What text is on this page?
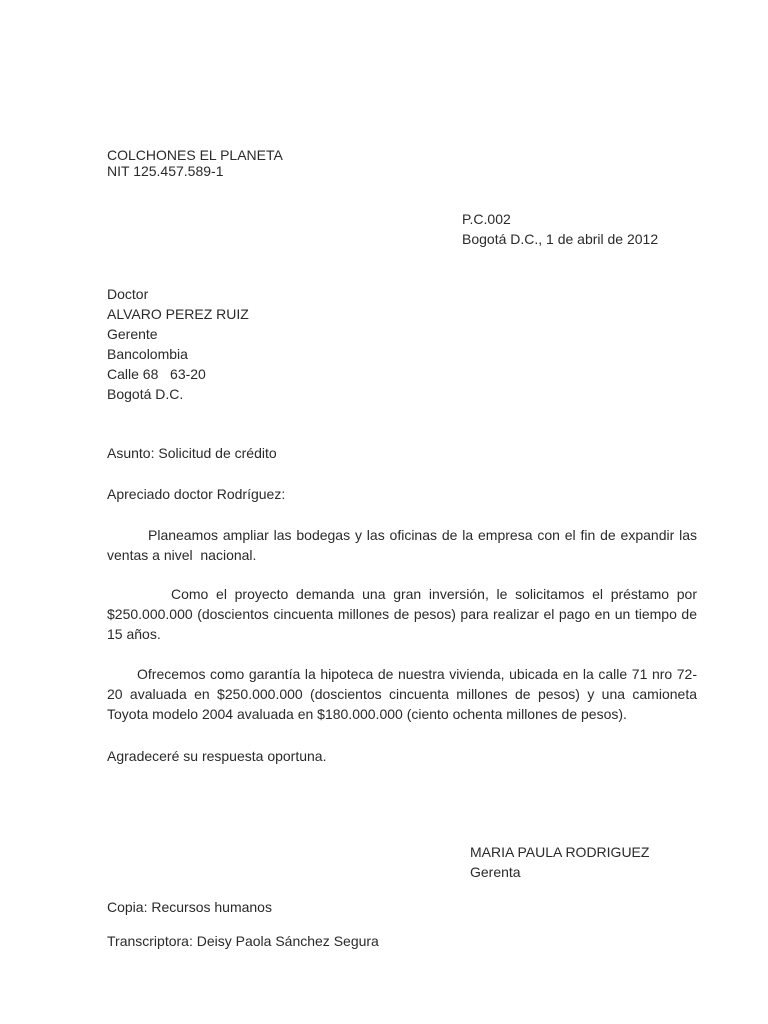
COLCHONES EL PLANETA
NIT 125.457.589-1
P.C.002
Bogotá D.C., 1 de abril de 2012
Doctor
ALVARO PEREZ RUIZ
Gerente
Bancolombia
Calle 68   63-20
Bogotá D.C.
Asunto: Solicitud de crédito
Apreciado doctor Rodríguez:

Planeamos ampliar las bodegas y las oficinas de la empresa con el fin de expandir las ventas a nivel  nacional.

Como el proyecto demanda una gran inversión, le solicitamos el préstamo por $250.000.000 (doscientos cincuenta millones de pesos) para realizar el pago en un tiempo de 15 años.

Ofrecemos como garantía la hipoteca de nuestra vivienda, ubicada en la calle 71 nro 72-20 avaluada en $250.000.000 (doscientos cincuenta millones de pesos) y una camioneta Toyota modelo 2004 avaluada en $180.000.000 (ciento ochenta millones de pesos).

Agradeceré su respuesta oportuna.
MARIA PAULA RODRIGUEZ
Gerenta
Copia: Recursos humanos
Transcriptora: Deisy Paola Sánchez Segura
